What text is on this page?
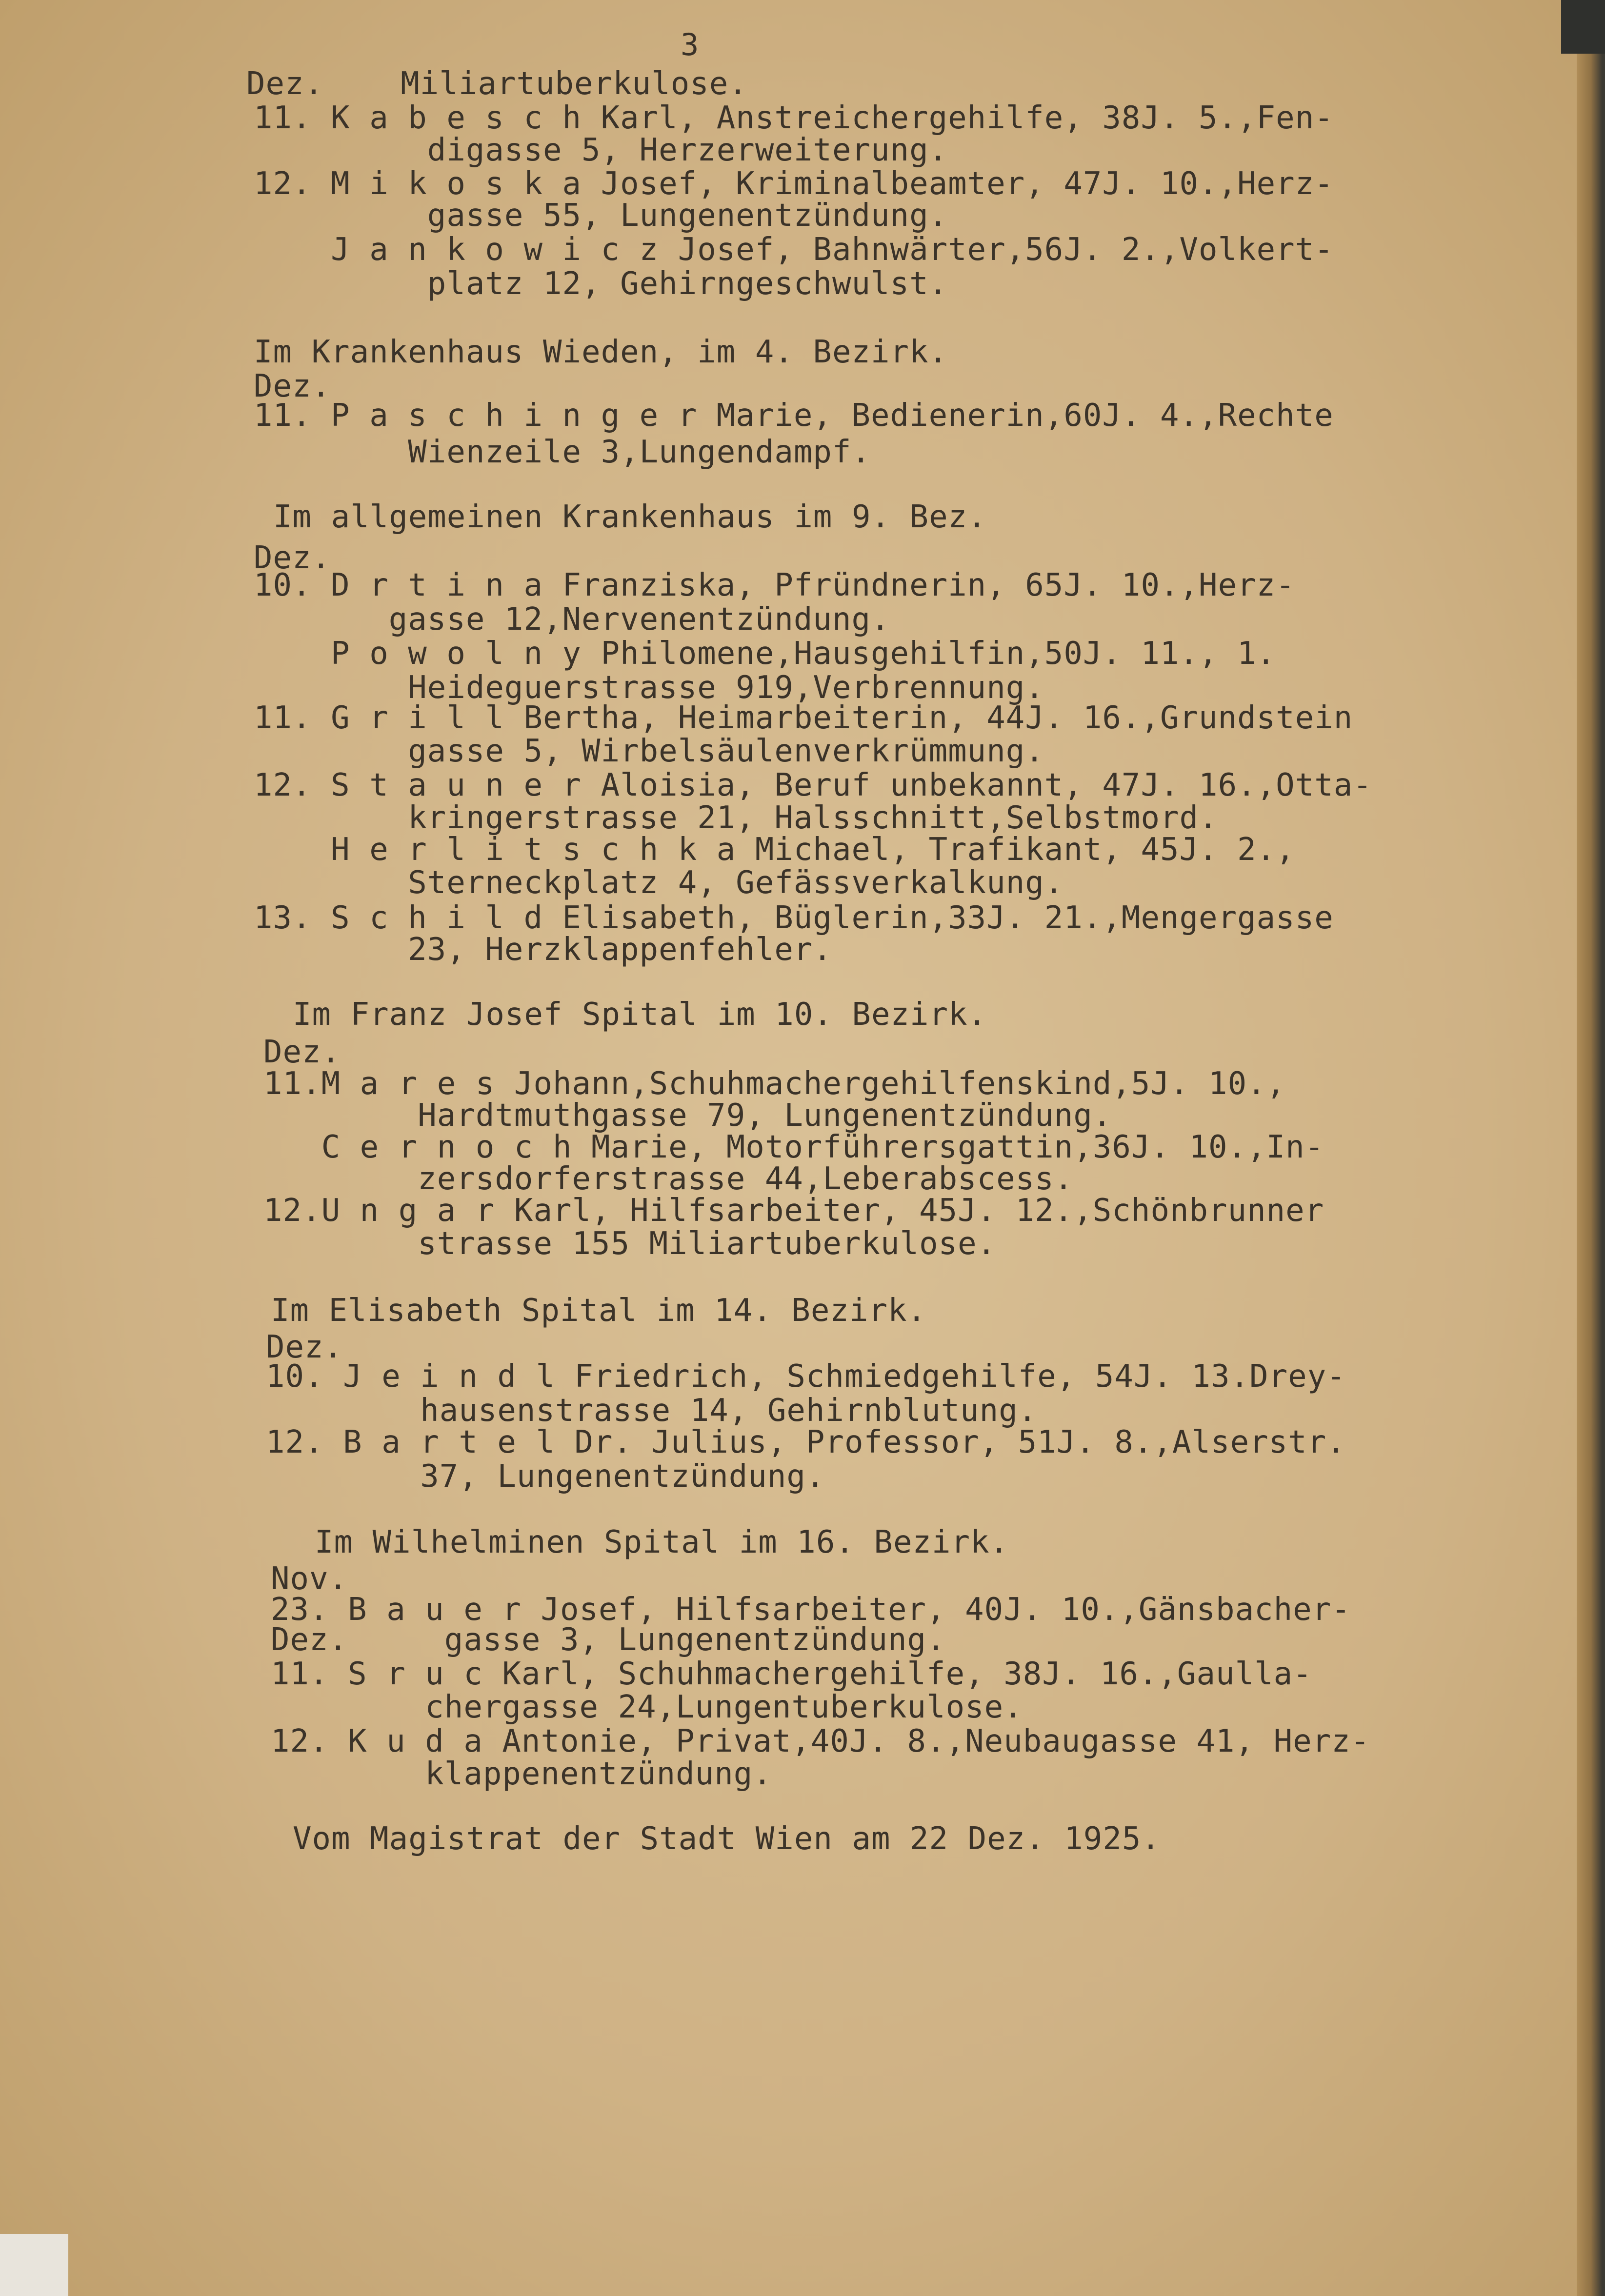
3
Dez.    Miliartuberkulose.
11. K a b e s c h Karl, Anstreichergehilfe, 38J. 5.,Fen-
digasse 5, Herzerweiterung.
12. M i k o s k a Josef, Kriminalbeamter, 47J. 10.,Herz-
gasse 55, Lungenentzündung.
J a n k o w i c z Josef, Bahnwärter,56J. 2.,Volkert-
platz 12, Gehirngeschwulst.
Im Krankenhaus Wieden, im 4. Bezirk.
Dez.
11. P a s c h i n g e r Marie, Bedienerin,60J. 4.,Rechte
Wienzeile 3,Lungendampf.
Im allgemeinen Krankenhaus im 9. Bez.
Dez.
10. D r t i n a Franziska, Pfründnerin, 65J. 10.,Herz-
gasse 12,Nervenentzündung.
P o w o l n y Philomene,Hausgehilfin,50J. 11., 1.
Heideguerstrasse 919,Verbrennung.
11. G r i l l Bertha, Heimarbeiterin, 44J. 16.,Grundstein
gasse 5, Wirbelsäulenverkrümmung.
12. S t a u n e r Aloisia, Beruf unbekannt, 47J. 16.,Otta-
kringerstrasse 21, Halsschnitt,Selbstmord.
H e r l i t s c h k a Michael, Trafikant, 45J. 2.,
Sterneckplatz 4, Gefässverkalkung.
13. S c h i l d Elisabeth, Büglerin,33J. 21.,Mengergasse
23, Herzklappenfehler.
Im Franz Josef Spital im 10. Bezirk.
Dez.
11.M a r e s Johann,Schuhmachergehilfenskind,5J. 10.,
Hardtmuthgasse 79, Lungenentzündung.
C e r n o c h Marie, Motorführersgattin,36J. 10.,In-
zersdorferstrasse 44,Leberabscess.
12.U n g a r Karl, Hilfsarbeiter, 45J. 12.,Schönbrunner
strasse 155 Miliartuberkulose.
Im Elisabeth Spital im 14. Bezirk.
Dez.
10. J e i n d l Friedrich, Schmiedgehilfe, 54J. 13.Drey-
hausenstrasse 14, Gehirnblutung.
12. B a r t e l Dr. Julius, Professor, 51J. 8.,Alserstr.
37, Lungenentzündung.
Im Wilhelminen Spital im 16. Bezirk.
Nov.
23. B a u e r Josef, Hilfsarbeiter, 40J. 10.,Gänsbacher-
Dez.     gasse 3, Lungenentzündung.
11. S r u c Karl, Schuhmachergehilfe, 38J. 16.,Gaulla-
chergasse 24,Lungentuberkulose.
12. K u d a Antonie, Privat,40J. 8.,Neubaugasse 41, Herz-
klappenentzündung.
Vom Magistrat der Stadt Wien am 22 Dez. 1925.
